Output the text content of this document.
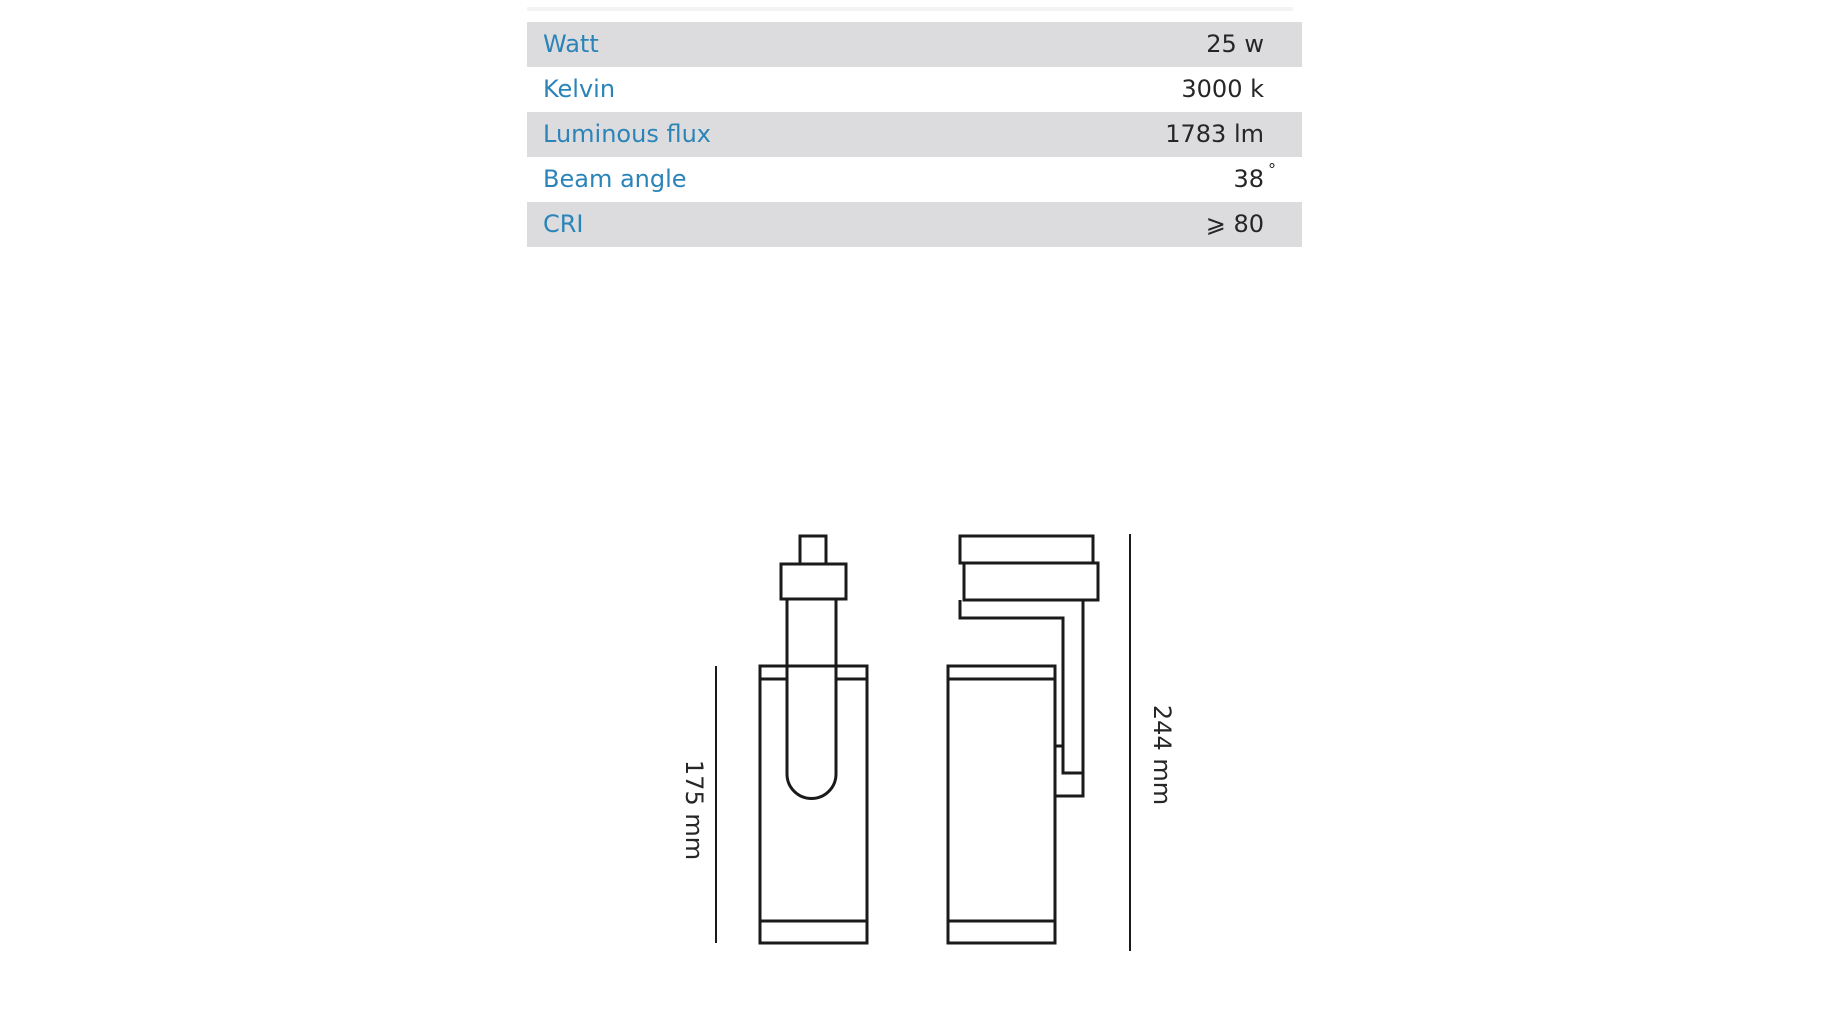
Watt	25 w
Kelvin	3000 k
Luminous flux	1783 lm
Beam angle	38 °
CRI	⩾ 80
175 mm
244 mm
